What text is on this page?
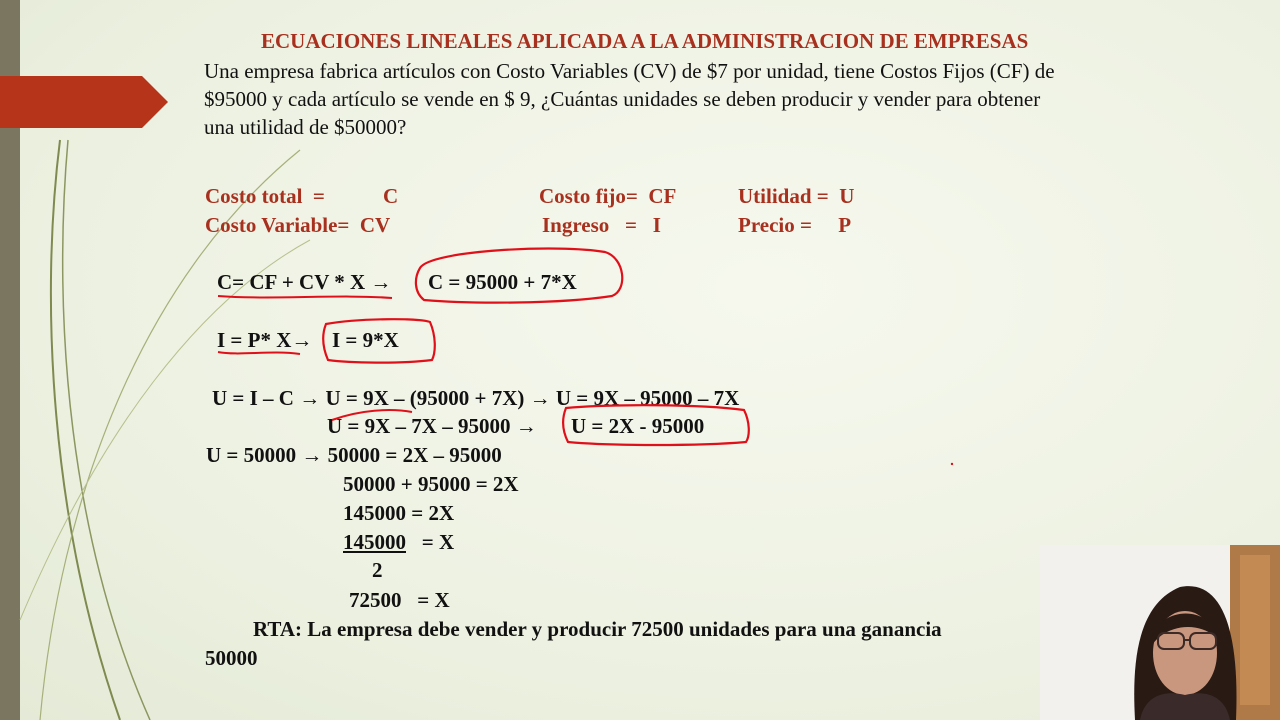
ECUACIONES LINEALES APLICADA A LA ADMINISTRACION DE EMPRESAS
Una empresa fabrica artículos con Costo Variables (CV) de $7 por unidad, tiene Costos Fijos (CF) de
$95000 y cada artículo se vende en $ 9, ¿Cuántas unidades se deben producir y vender para obtener
una utilidad de $50000?
Costo total  =	C	Costo fijo=  CF	Utilidad =  U
Costo Variable=  CV	Ingreso   =   I	Precio =     P
C= CF + CV * X → C = 95000 + 7*X
I = P* X→ I = 9*X
U = I – C → U = 9X – (95000 + 7X) → U = 9X – 95000 – 7X
U = 9X – 7X – 95000 → U = 2X - 95000
U = 50000 → 50000 = 2X – 95000
50000 + 95000 = 2X
145000 = 2X
145000   = X
2
72500   = X
RTA: La empresa debe vender y producir 72500 unidades para una ganancia
50000
